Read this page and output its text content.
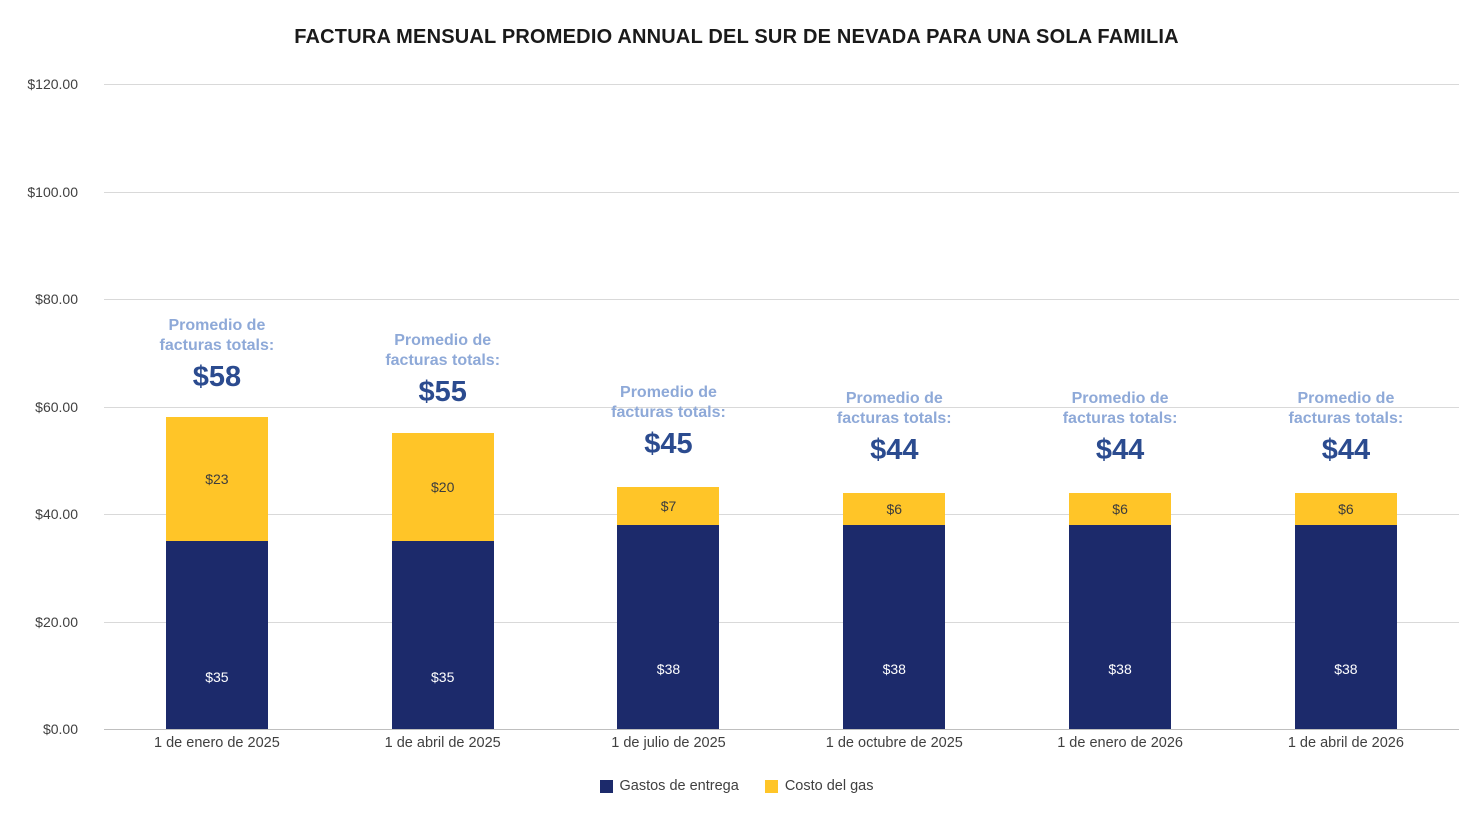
FACTURA MENSUAL PROMEDIO ANNUAL DEL SUR DE NEVADA PARA UNA SOLA FAMILIA
$120.00
$100.00
$80.00
$60.00
$40.00
$20.00
$0.00
Promedio de facturas totals:
$58
$23
$35
Promedio de facturas totals:
$55
$20
$35
Promedio de facturas totals:
$45
$7
$38
Promedio de facturas totals:
$44
$6
$38
Promedio de facturas totals:
$44
$6
$38
Promedio de facturas totals:
$44
$6
$38
1 de enero de 2025	1 de abril de 2025	1 de julio de 2025	1 de octubre de 2025	1 de enero de 2026	1 de abril de 2026
Gastos de entrega	Costo del gas
